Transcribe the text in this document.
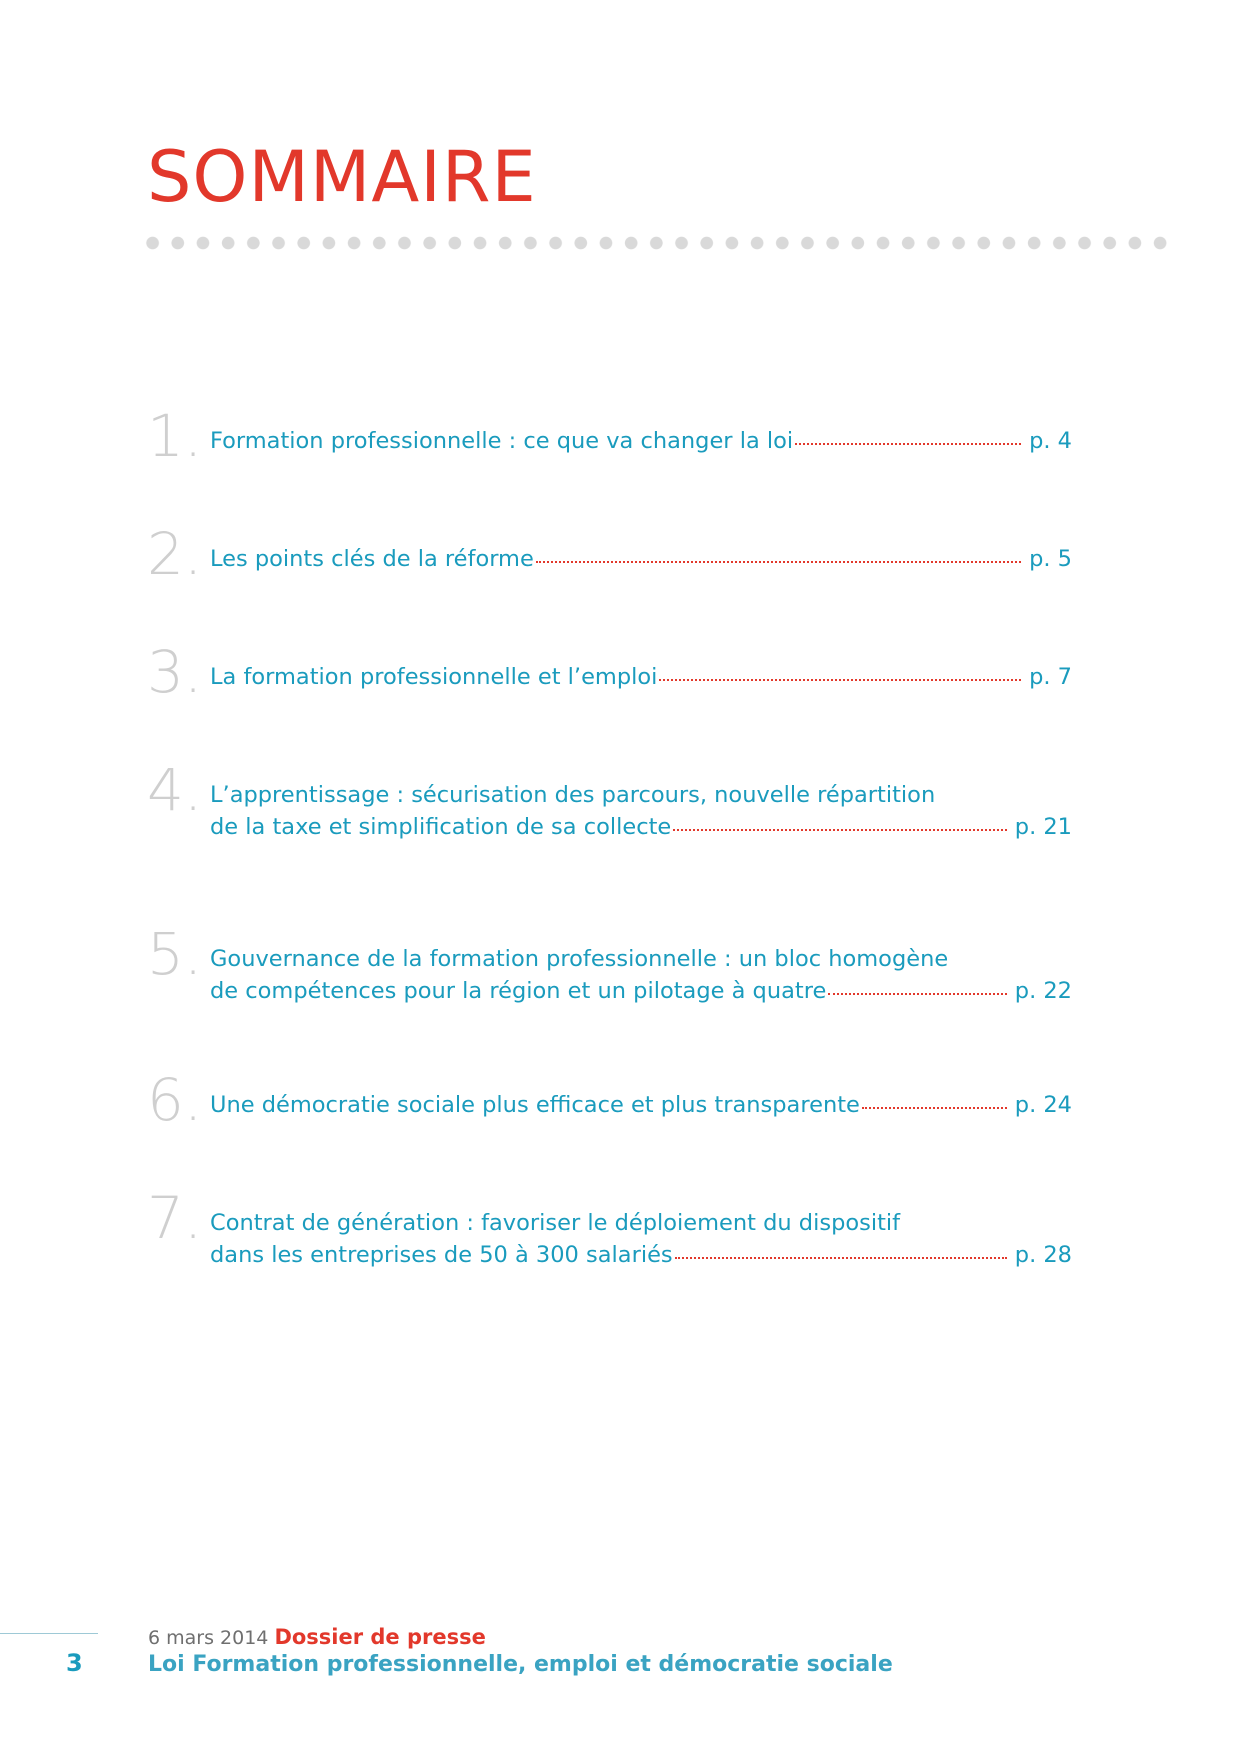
SOMMAIRE
1. Formation professionnelle : ce que va changer la loi	p. 4
2. Les points clés de la réforme	p. 5
3. La formation professionnelle et l’emploi	p. 7
4. L’apprentissage : sécurisation des parcours, nouvelle répartition
de la taxe et simplification de sa collecte	p. 21
5. Gouvernance de la formation professionnelle : un bloc homogène
de compétences pour la région et un pilotage à quatre	p. 22
6. Une démocratie sociale plus efficace et plus transparente	p. 24
7. Contrat de génération : favoriser le déploiement du dispositif
dans les entreprises de 50 à 300 salariés	p. 28
3
6 mars 2014 Dossier de presse
Loi Formation professionnelle, emploi et démocratie sociale
